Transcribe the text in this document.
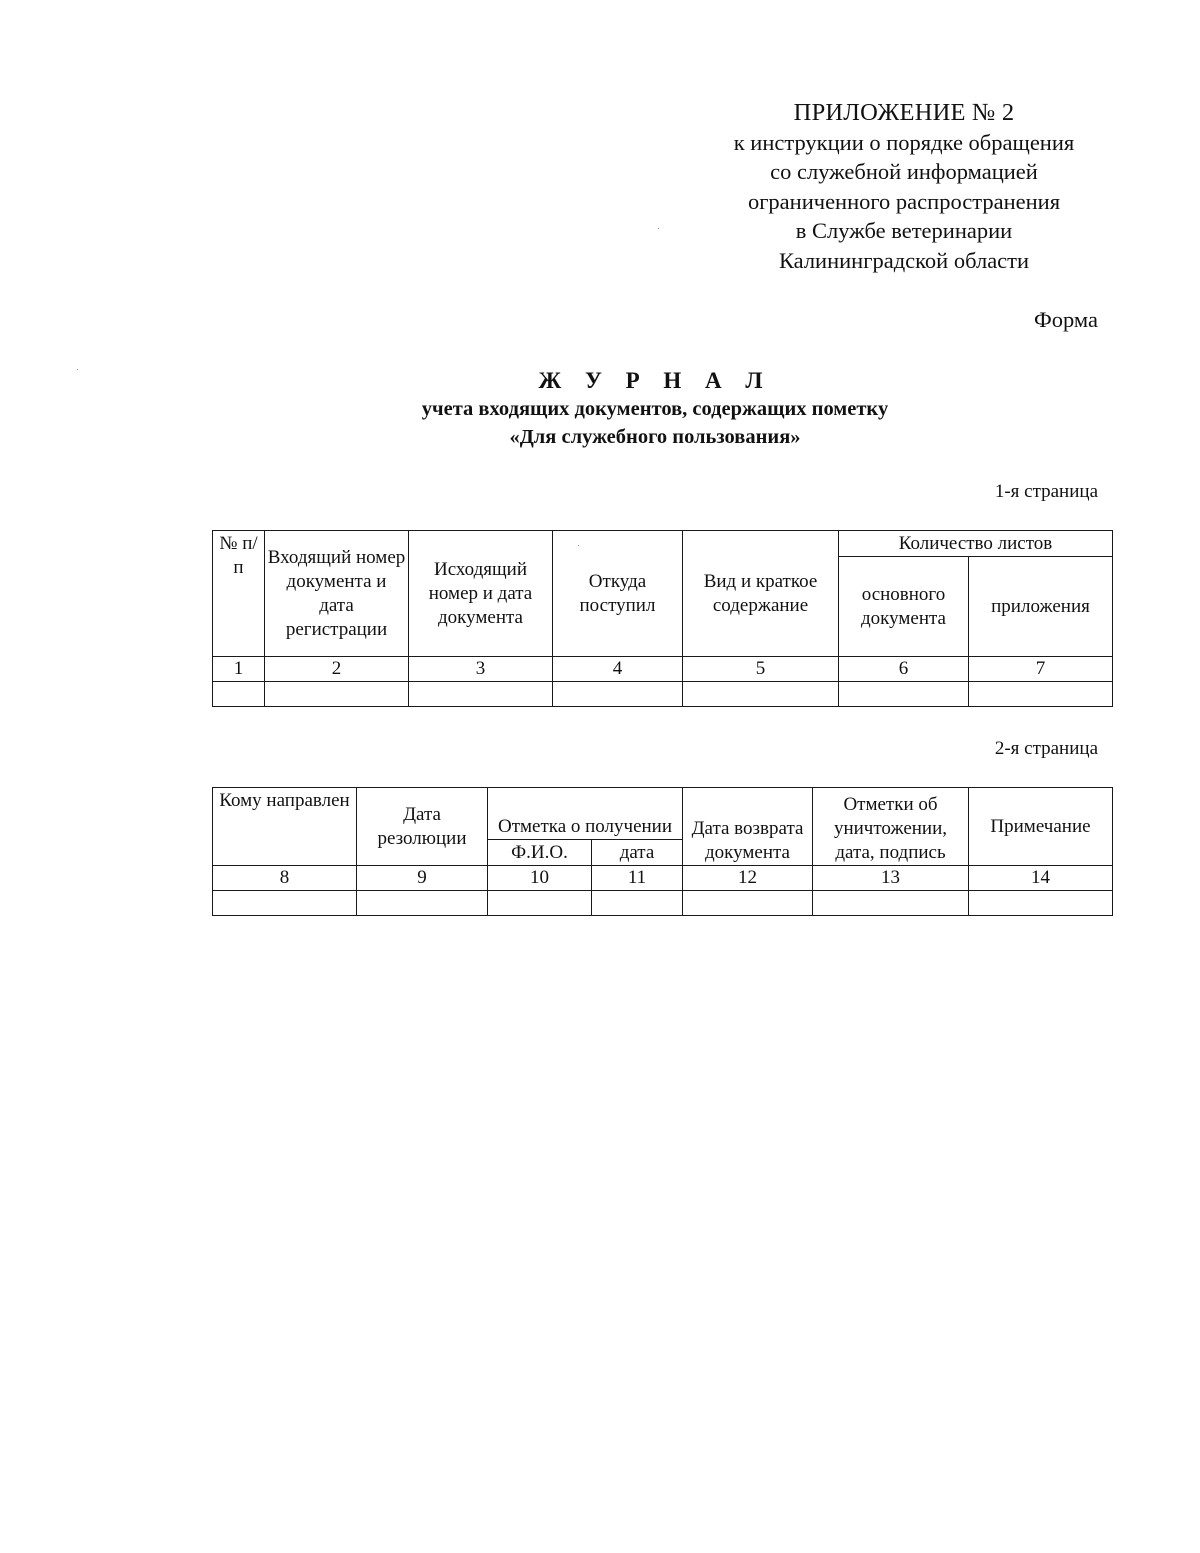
ПРИЛОЖЕНИЕ № 2
к инструкции о порядке обращения
со служебной информацией
ограниченного распространения
в Службе ветеринарии
Калининградской области
Форма
Ж У Р Н А Л
учета входящих документов, содержащих пометку
«Для служебного пользования»
1-я страница
№ п/п	Входящий номер документа и дата регистрации	Исходящий номер и дата документа	Откуда поступил	Вид и краткое содержание	Количество листов	
					основного документа	приложения
1	2	3	4	5	6	7

2-я страница
Кому направлен	Дата резолюции	Отметка о получении		Дата возврата документа	Отметки об уничтожении, дата, подпись	Примечание
		Ф.И.О.	дата			
8	9	10	11	12	13	14
